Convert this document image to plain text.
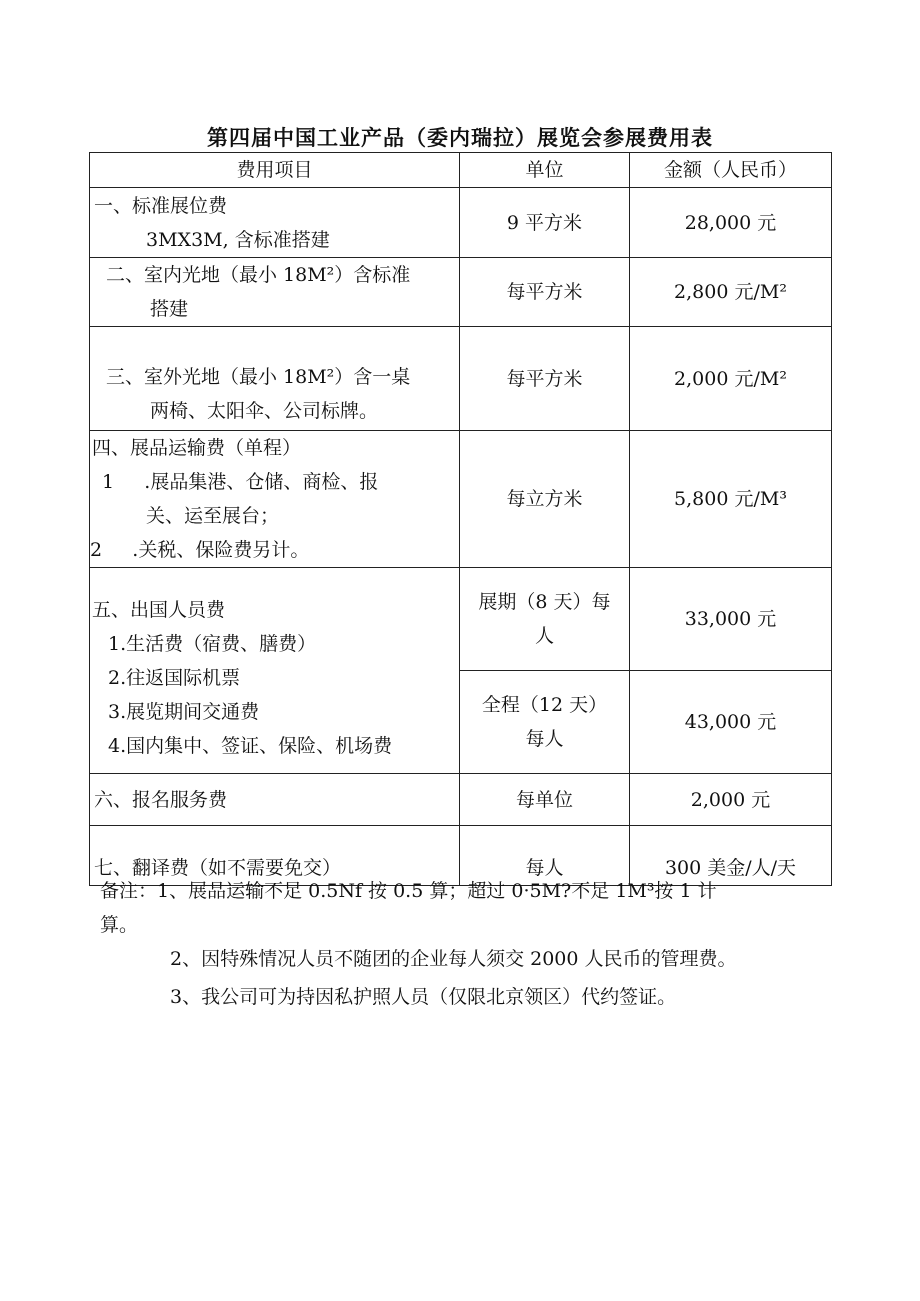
第四届中国工业产品（委内瑞拉）展览会参展费用表
费用项目	单位	金额（人民币）

一、标准展位费
3MX3M, 含标准搭建	9 平方米	28,000 元

二、室内光地（最小 18M²）含标准
搭建	每平方米	2,800 元/M²

三、室外光地（最小 18M²）含一桌
两椅、太阳伞、公司标牌。	每平方米	2,000 元/M²

四、展品运输费（单程）
1     .展品集港、仓储、商检、报
关、运至展台；
2     .关税、保险费另计。	每立方米	5,800 元/M³

五、出国人员费
1.生活费（宿费、膳费）
2.往返国际机票
3.展览期间交通费
4.国内集中、签证、保险、机场费	展期（8 天）每
人	33,000 元

	全程（12 天）
每人	43,000 元
六、报名服务费	每单位	2,000 元
七、翻译费（如不需要免交）	每人	300 美金/人/天
备注：1、展品运输不足 0.5Nf 按 0.5 算；超过 0·5M?不足 1M³按 1 计
算。
2、因特殊情况人员不随团的企业每人须交 2000 人民币的管理费。
3、我公司可为持因私护照人员（仅限北京领区）代约签证。
